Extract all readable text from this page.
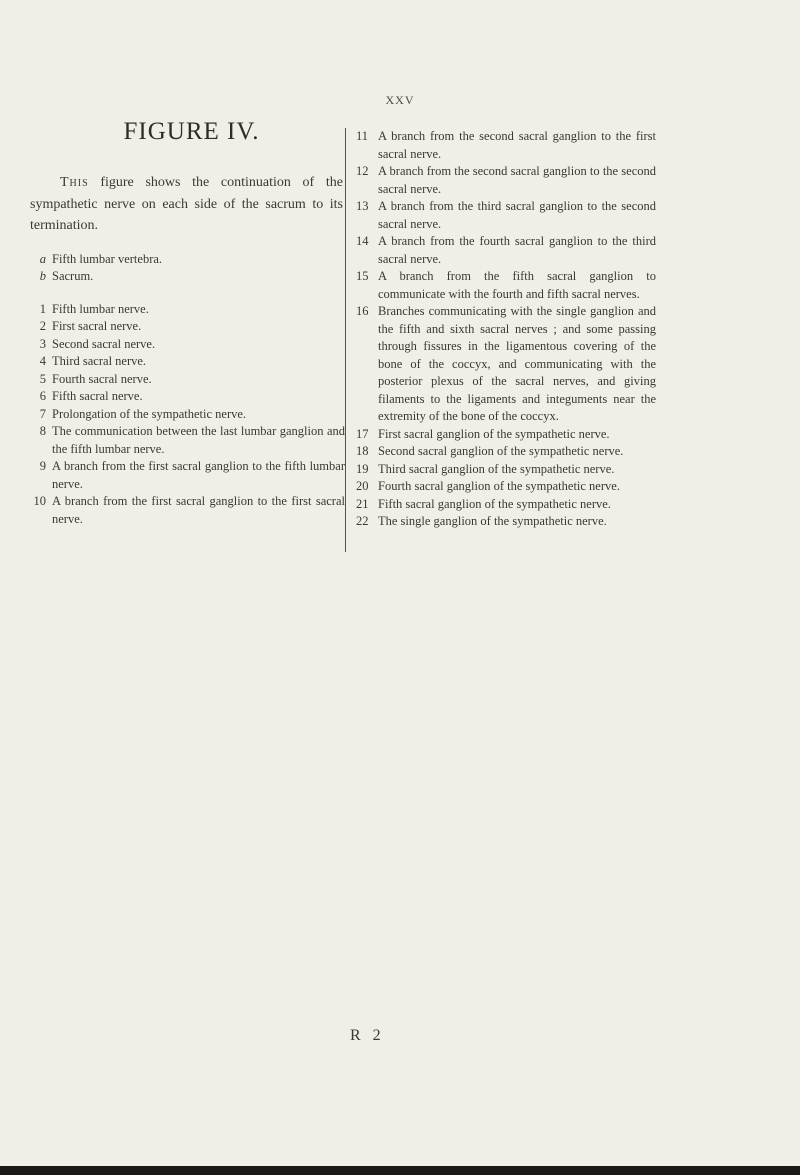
XXV
FIGURE IV.

This figure shows the continuation of the sympathetic nerve on each side of the sacrum to its termination.

a Fifth lumbar vertebra.
b Sacrum.
1 Fifth lumbar nerve.
2 First sacral nerve.
3 Second sacral nerve.
4 Third sacral nerve.
5 Fourth sacral nerve.
6 Fifth sacral nerve.
7 Prolongation of the sympathetic nerve.
8 The communication between the last lumbar ganglion and the fifth lumbar nerve.
9 A branch from the first sacral ganglion to the fifth lumbar nerve.
10 A branch from the first sacral ganglion to the first sacral nerve.
11 A branch from the second sacral ganglion to the first sacral nerve.
12 A branch from the second sacral ganglion to the second sacral nerve.
13 A branch from the third sacral ganglion to the second sacral nerve.
14 A branch from the fourth sacral ganglion to the third sacral nerve.
15 A branch from the fifth sacral ganglion to communicate with the fourth and fifth sacral nerves.
16 Branches communicating with the single ganglion and the fifth and sixth sacral nerves ; and some passing through fissures in the ligamentous covering of the bone of the coccyx, and communicating with the posterior plexus of the sacral nerves, and giving filaments to the ligaments and integuments near the extremity of the bone of the coccyx.
17 First sacral ganglion of the sympathetic nerve.
18 Second sacral ganglion of the sympathetic nerve.
19 Third sacral ganglion of the sympathetic nerve.
20 Fourth sacral ganglion of the sympathetic nerve.
21 Fifth sacral ganglion of the sympathetic nerve.
22 The single ganglion of the sympathetic nerve.
R 2
